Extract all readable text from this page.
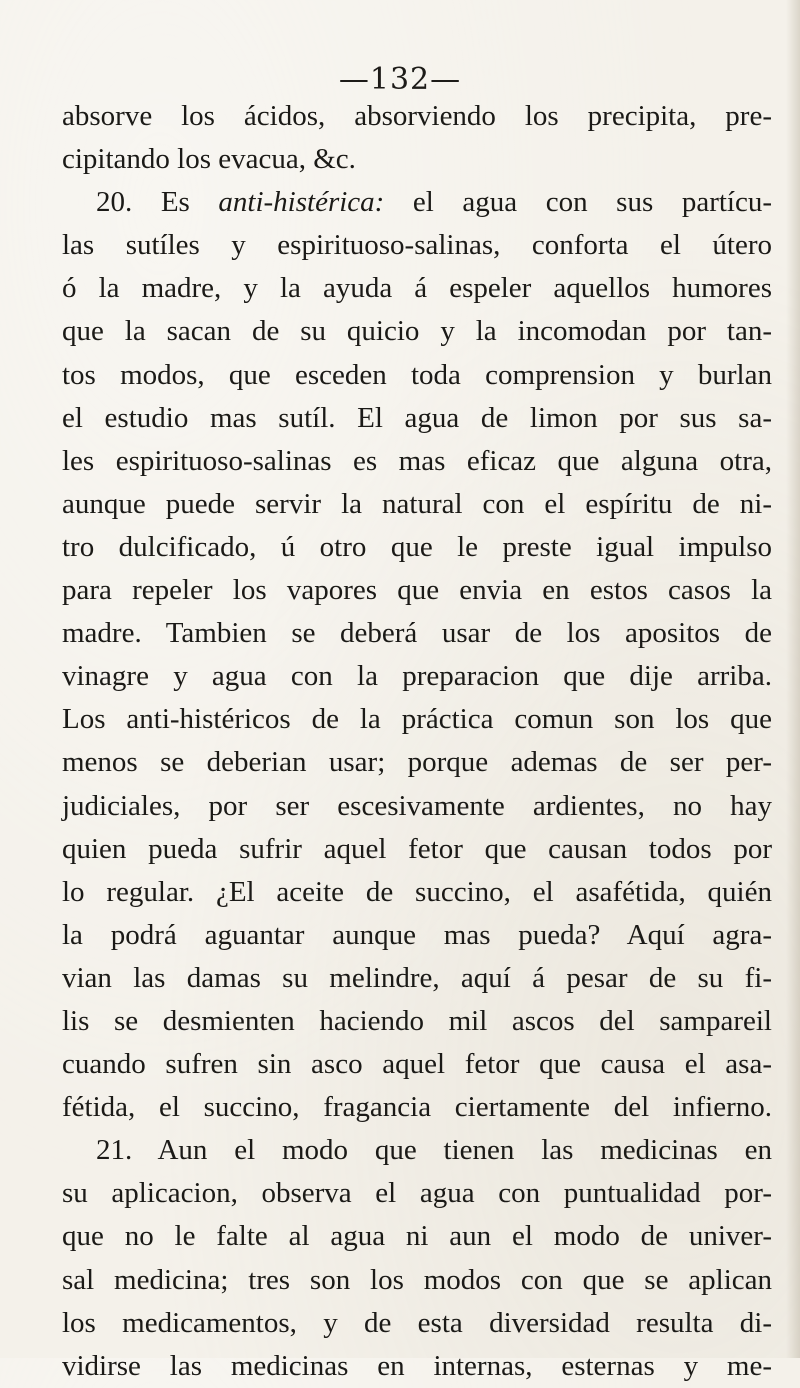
—132—
absorve los ácidos, absorviendo los precipita, pre-
cipitando los evacua, &c.
20. Es anti-histérica: el agua con sus partícu-
las sutíles y espirituoso-salinas, conforta el útero
ó la madre, y la ayuda á espeler aquellos humores
que la sacan de su quicio y la incomodan por tan-
tos modos, que esceden toda comprension y burlan
el estudio mas sutíl. El agua de limon por sus sa-
les espirituoso-salinas es mas eficaz que alguna otra,
aunque puede servir la natural con el espíritu de ni-
tro dulcificado, ú otro que le preste igual impulso
para repeler los vapores que envia en estos casos la
madre. Tambien se deberá usar de los apositos de
vinagre y agua con la preparacion que dije arriba.
Los anti-histéricos de la práctica comun son los que
menos se deberian usar; porque ademas de ser per-
judiciales, por ser escesivamente ardientes, no hay
quien pueda sufrir aquel fetor que causan todos por
lo regular. ¿El aceite de succino, el asafétida, quién
la podrá aguantar aunque mas pueda? Aquí agra-
vian las damas su melindre, aquí á pesar de su fi-
lis se desmienten haciendo mil ascos del sampareil
cuando sufren sin asco aquel fetor que causa el asa-
fétida, el succino, fragancia ciertamente del infierno.
21. Aun el modo que tienen las medicinas en
su aplicacion, observa el agua con puntualidad por-
que no le falte al agua ni aun el modo de univer-
sal medicina; tres son los modos con que se aplican
los medicamentos, y de esta diversidad resulta di-
vidirse las medicinas en internas, esternas y me-
